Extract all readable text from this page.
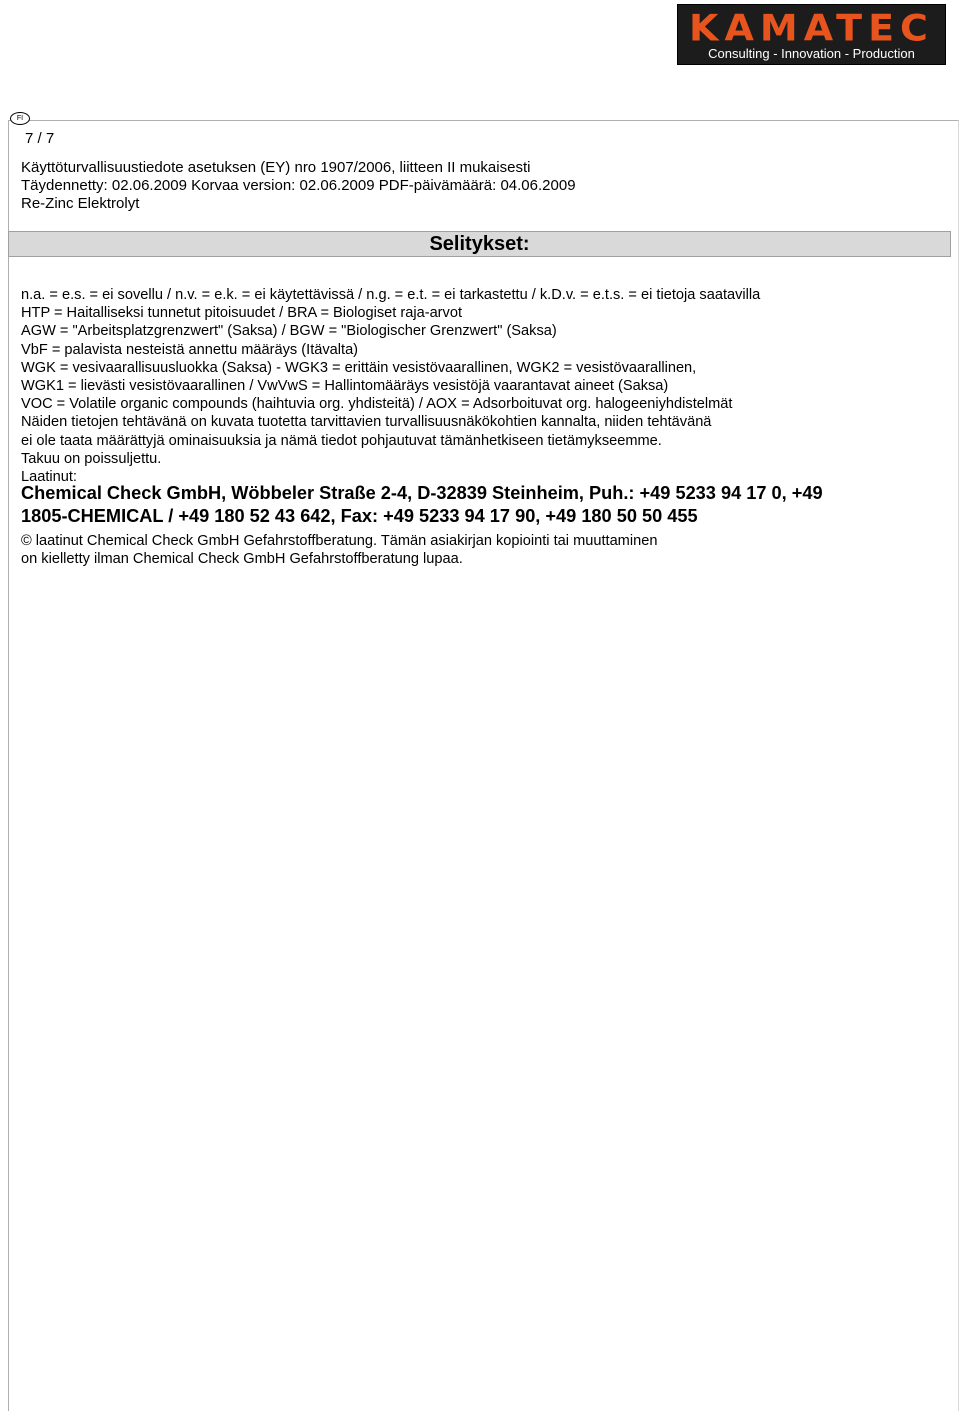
KAMATEC
Consulting - Innovation - Production
FI
7 / 7
Käyttöturvallisuustiedote asetuksen (EY) nro 1907/2006, liitteen II mukaisesti
Täydennetty: 02.06.2009 Korvaa version: 02.06.2009 PDF-päivämäärä: 04.06.2009
Re-Zinc Elektrolyt
Selitykset:
n.a. = e.s. = ei sovellu / n.v. = e.k. = ei käytettävissä / n.g. = e.t. = ei tarkastettu / k.D.v. = e.t.s. = ei tietoja saatavilla
HTP = Haitalliseksi tunnetut pitoisuudet / BRA = Biologiset raja-arvot
AGW = "Arbeitsplatzgrenzwert" (Saksa) / BGW = "Biologischer Grenzwert" (Saksa)
VbF = palavista nesteistä annettu määräys (Itävalta)
WGK = vesivaarallisuusluokka (Saksa) - WGK3 = erittäin vesistövaarallinen, WGK2 = vesistövaarallinen,
WGK1 = lievästi vesistövaarallinen / VwVwS = Hallintomääräys vesistöjä vaarantavat aineet (Saksa)
VOC = Volatile organic compounds (haihtuvia org. yhdisteitä) / AOX = Adsorboituvat org. halogeeniyhdistelmät
Näiden tietojen tehtävänä on kuvata tuotetta tarvittavien turvallisuusnäkökohtien kannalta, niiden tehtävänä
ei ole taata määrättyjä ominaisuuksia ja nämä tiedot pohjautuvat tämänhetkiseen tietämykseemme.
Takuu on poissuljettu.
Laatinut:
Chemical Check GmbH, Wöbbeler Straße 2-4, D-32839 Steinheim, Puh.: +49 5233 94 17 0, +49
1805-CHEMICAL / +49 180 52 43 642, Fax: +49 5233 94 17 90, +49 180 50 50 455
© laatinut Chemical Check GmbH Gefahrstoffberatung. Tämän asiakirjan kopiointi tai muuttaminen
on kielletty ilman Chemical Check GmbH Gefahrstoffberatung lupaa.
